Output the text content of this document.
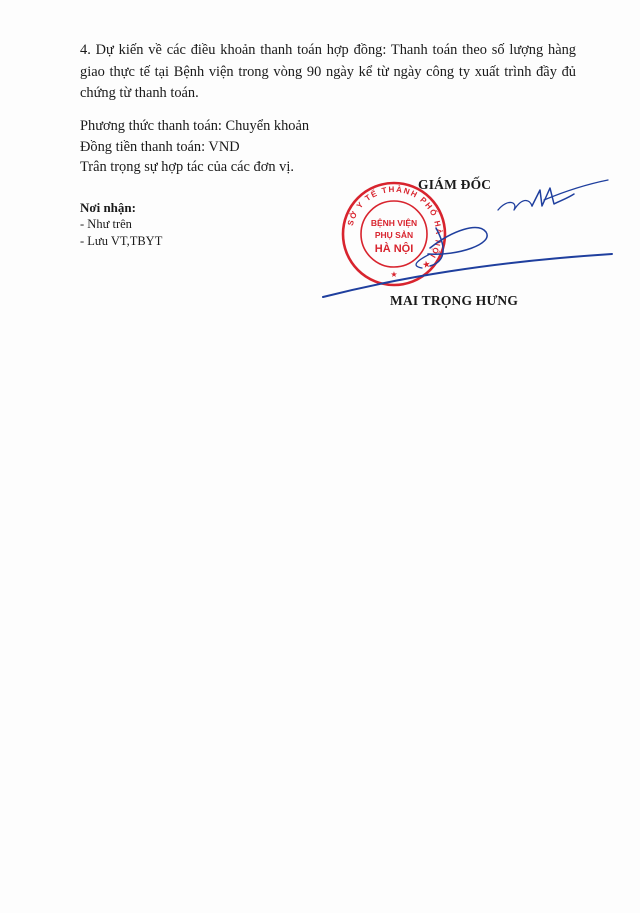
4. Dự kiến về các điều khoản thanh toán hợp đồng: Thanh toán theo số lượng hàng giao thực tế tại Bệnh viện trong vòng 90 ngày kể từ ngày công ty xuất trình đầy đủ chứng từ thanh toán.
Phương thức thanh toán: Chuyển khoản
Đồng tiền thanh toán: VND
Trân trọng sự hợp tác của các đơn vị.
Nơi nhận:
- Như trên
- Lưu VT,TBYT
SỞ Y TẾ THÀNH PHỐ HÀ NỘI ★
BỆNH VIỆN
PHỤ SẢN
HÀ NỘI
★
GIÁM ĐỐC
MAI TRỌNG HƯNG
